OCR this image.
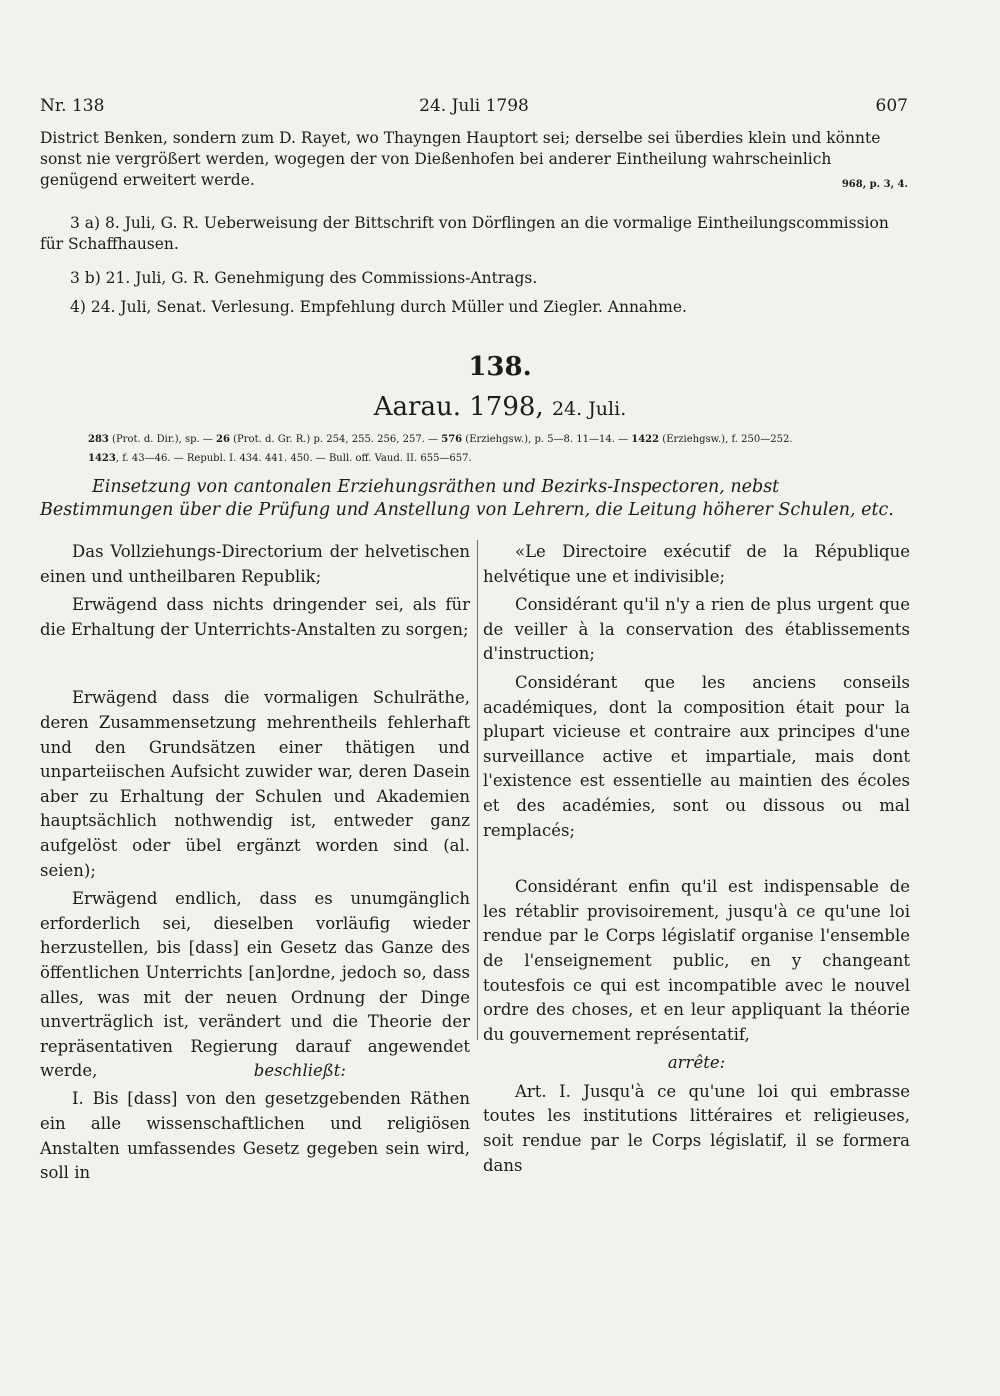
Nr. 138	24. Juli 1798	607

District Benken, sondern zum D. Rayet, wo Thayngen Hauptort sei; derselbe sei überdies klein und könnte sonst nie vergrößert werden, wogegen der von Dießenhofen bei anderer Eintheilung wahrscheinlich genügend erweitert werde.	968, p. 3, 4.

3 a) 8. Juli, G. R. Ueberweisung der Bittschrift von Dörflingen an die vormalige Eintheilungscommission für Schaffhausen.

3 b) 21. Juli, G. R. Genehmigung des Commissions-Antrags.

4) 24. Juli, Senat. Verlesung. Empfehlung durch Müller und Ziegler. Annahme.

138.
Aarau. 1798, 24. Juli.
283 (Prot. d. Dir.), sp. — 26 (Prot. d. Gr. R.) p. 254, 255. 256, 257. — 576 (Erziehgsw.), p. 5—8. 11—14. — 1422 (Erziehgsw.), f. 250—252.
1423, f. 43—46. — Republ. I. 434. 441. 450. — Bull. off. Vaud. II. 655—657.

Einsetzung von cantonalen Erziehungsräthen und Bezirks-Inspectoren, nebst Bestimmungen über die Prüfung und Anstellung von Lehrern, die Leitung höherer Schulen, etc.

Das Vollziehungs-Directorium der helvetischen einen und untheilbaren Republik;

Erwägend dass nichts dringender sei, als für die Erhaltung der Unterrichts-Anstalten zu sorgen;

Erwägend dass die vormaligen Schulräthe, deren Zusammensetzung mehrentheils fehlerhaft und den Grundsätzen einer thätigen und unparteiischen Aufsicht zuwider war, deren Dasein aber zu Erhaltung der Schulen und Akademien hauptsächlich nothwendig ist, entweder ganz aufgelöst oder übel ergänzt worden sind (al. seien);

Erwägend endlich, dass es unumgänglich erforderlich sei, dieselben vorläufig wieder herzustellen, bis [dass] ein Gesetz das Ganze des öffentlichen Unterrichts [an]ordne, jedoch so, dass alles, was mit der neuen Ordnung der Dinge unverträglich ist, verändert und die Theorie der repräsentativen Regierung darauf angewendet werde,	beschließt:

I. Bis [dass] von den gesetzgebenden Räthen ein alle wissenschaftlichen und religiösen Anstalten umfassendes Gesetz gegeben sein wird, soll in

«Le Directoire exécutif de la République helvétique une et indivisible;

Considérant qu'il n'y a rien de plus urgent que de veiller à la conservation des établissements d'instruction;

Considérant que les anciens conseils académiques, dont la composition était pour la plupart vicieuse et contraire aux principes d'une surveillance active et impartiale, mais dont l'existence est essentielle au maintien des écoles et des académies, sont ou dissous ou mal remplacés;

Considérant enfin qu'il est indispensable de les rétablir provisoirement, jusqu'à ce qu'une loi rendue par le Corps législatif organise l'ensemble de l'enseignement public, en y changeant toutesfois ce qui est incompatible avec le nouvel ordre des choses, et en leur appliquant la théorie du gouvernement représentatif,

arrête:

Art. I. Jusqu'à ce qu'une loi qui embrasse toutes les institutions littéraires et religieuses, soit rendue par le Corps législatif, il se formera dans
